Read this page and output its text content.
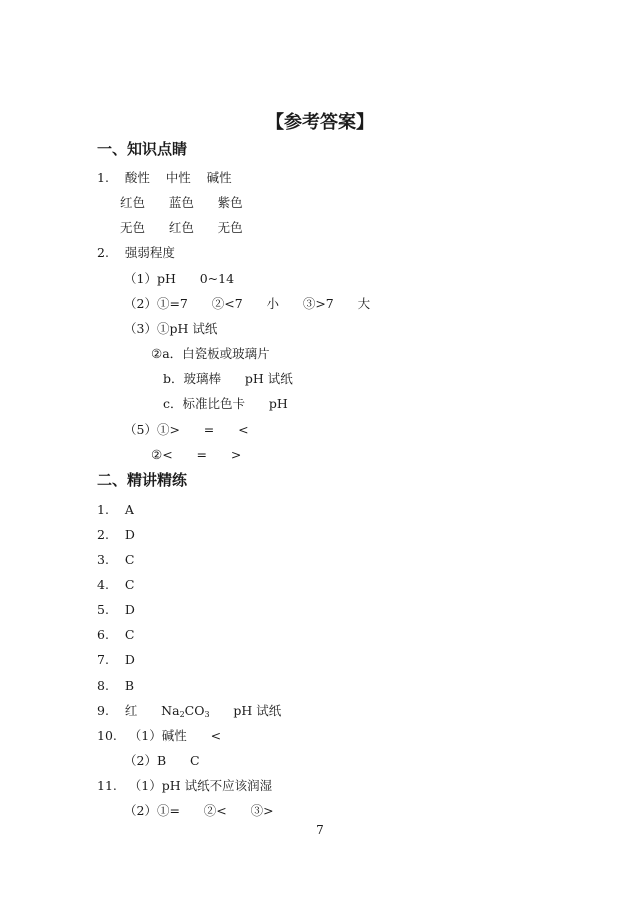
【参考答案】
一、知识点睛
1.    酸性    中性    碱性
红色      蓝色      紫色
无色      红色      无色
2.    强弱程度
（1）pH      0~14
（2）①=7      ②<7      小      ③>7      大
（3）①pH 试纸
②a．白瓷板或玻璃片
b．玻璃棒      pH 试纸
c．标准比色卡      pH
（5）①>      =      <
②<      =      >
二、精讲精练
1.    A
2.    D
3.    C
4.    C
5.    D
6.    C
7.    D
8.    B
9.    红      $Na_2CO_3$      pH 试纸
10.   （1）碱性      <
（2）B      C
11.   （1）pH 试纸不应该润湿
（2）①=      ②<      ③>
7
